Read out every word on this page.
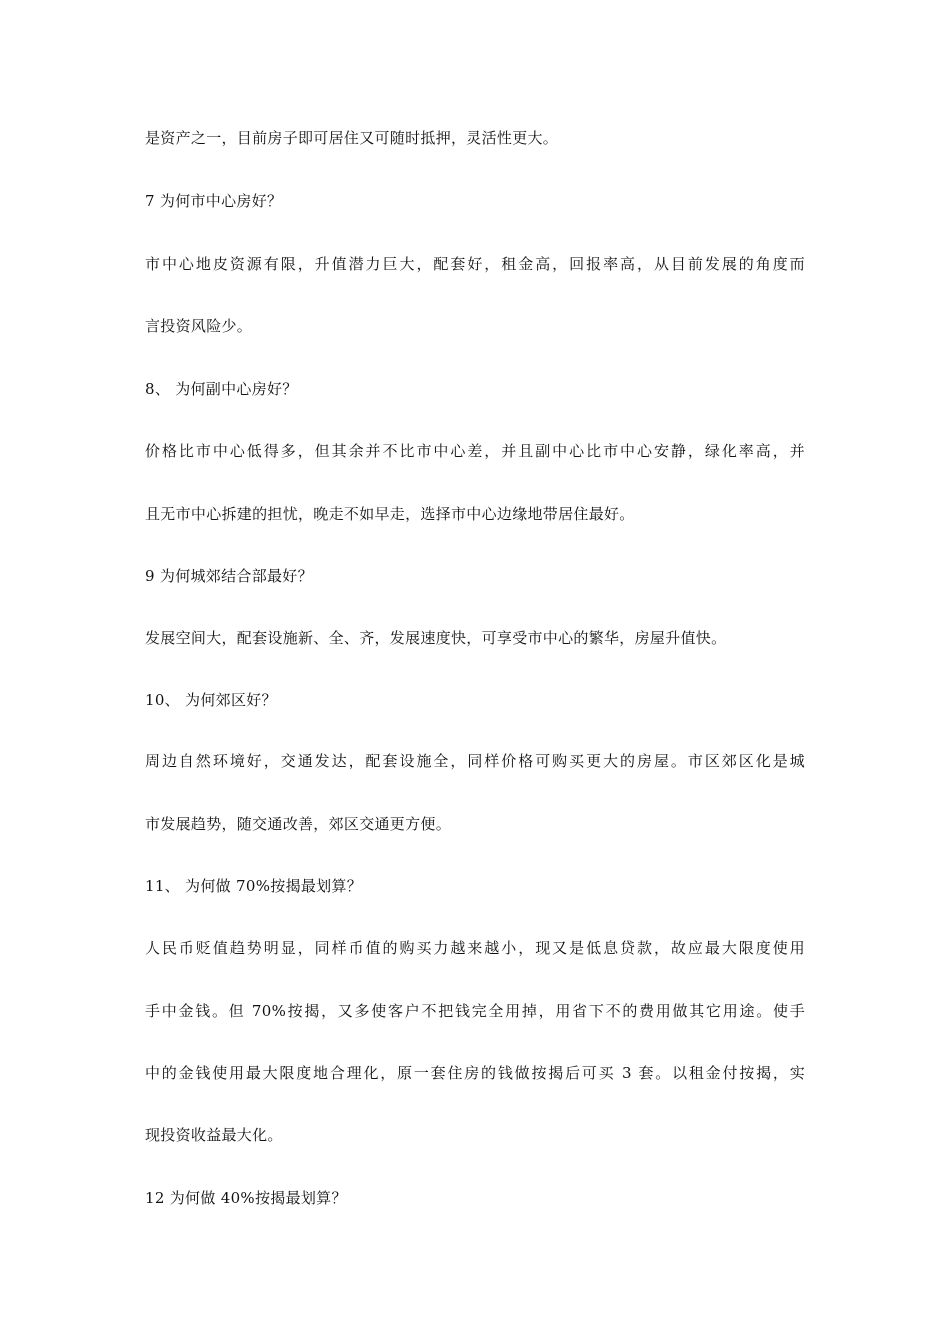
是资产之一，目前房子即可居住又可随时抵押，灵活性更大。
7 为何市中心房好？
市中心地皮资源有限，升值潜力巨大，配套好，租金高，回报率高，从目前发展的角度而
言投资风险少。
8、 为何副中心房好？
价格比市中心低得多，但其余并不比市中心差，并且副中心比市中心安静，绿化率高，并
且无市中心拆建的担忧，晚走不如早走，选择市中心边缘地带居住最好。
9 为何城郊结合部最好？
发展空间大，配套设施新、全、齐，发展速度快，可享受市中心的繁华，房屋升值快。
10、 为何郊区好？
周边自然环境好，交通发达，配套设施全，同样价格可购买更大的房屋。市区郊区化是城
市发展趋势，随交通改善，郊区交通更方便。
11、 为何做 70%按揭最划算？
人民币贬值趋势明显，同样币值的购买力越来越小，现又是低息贷款，故应最大限度使用
手中金钱。但 70%按揭，又多使客户不把钱完全用掉，用省下不的费用做其它用途。使手
中的金钱使用最大限度地合理化，原一套住房的钱做按揭后可买 3 套。以租金付按揭，实
现投资收益最大化。
12 为何做 40%按揭最划算？
